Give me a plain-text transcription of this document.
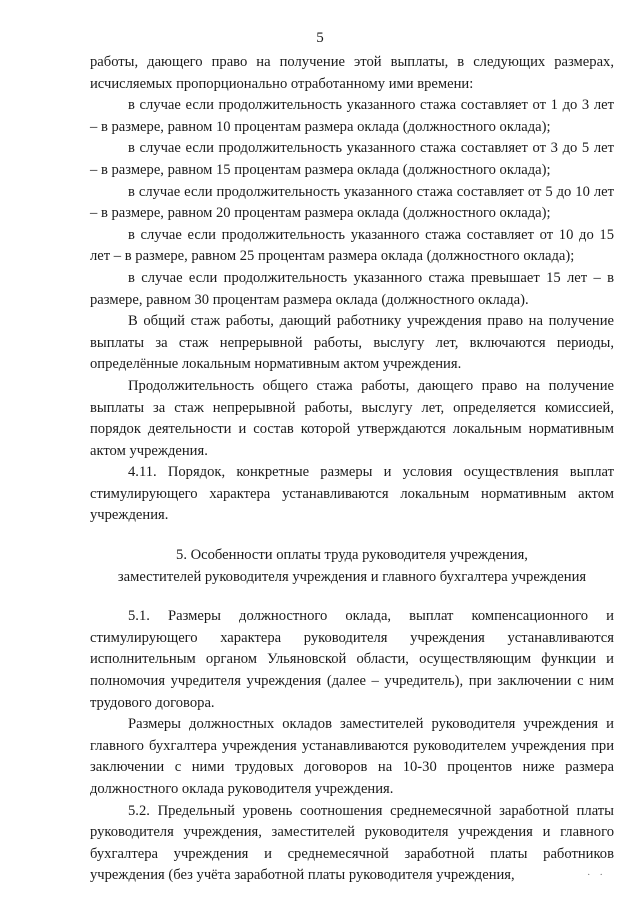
5

работы, дающего право на получение этой выплаты, в следующих размерах, исчисляемых пропорционально отработанному ими времени:

в случае если продолжительность указанного стажа составляет от 1 до 3 лет – в размере, равном 10 процентам размера оклада (должностного оклада);

в случае если продолжительность указанного стажа составляет от 3 до 5 лет – в размере, равном 15 процентам размера оклада (должностного оклада);

в случае если продолжительность указанного стажа составляет от 5 до 10 лет – в размере, равном 20 процентам размера оклада (должностного оклада);

в случае если продолжительность указанного стажа составляет от 10 до 15 лет – в размере, равном 25 процентам размера оклада (должностного оклада);

в случае если продолжительность указанного стажа превышает 15 лет – в размере, равном 30 процентам размера оклада (должностного оклада).

В общий стаж работы, дающий работнику учреждения право на получение выплаты за стаж непрерывной работы, выслугу лет, включаются периоды, определённые локальным нормативным актом учреждения.

Продолжительность общего стажа работы, дающего право на получение выплаты за стаж непрерывной работы, выслугу лет, определяется комиссией, порядок деятельности и состав которой утверждаются локальным нормативным актом учреждения.

4.11. Порядок, конкретные размеры и условия осуществления выплат стимулирующего характера устанавливаются локальным нормативным актом учреждения.

5. Особенности оплаты труда руководителя учреждения,
заместителей руководителя учреждения и главного бухгалтера учреждения

5.1. Размеры должностного оклада, выплат компенсационного и стимулирующего характера руководителя учреждения устанавливаются исполнительным органом Ульяновской области, осуществляющим функции и полномочия учредителя учреждения (далее – учредитель), при заключении с ним трудового договора.

Размеры должностных окладов заместителей руководителя учреждения и главного бухгалтера учреждения устанавливаются руководителем учреждения при заключении с ними трудовых договоров на 10-30 процентов ниже размера должностного оклада руководителя учреждения.

5.2. Предельный уровень соотношения среднемесячной заработной платы руководителя учреждения, заместителей руководителя учреждения и главного бухгалтера учреждения и среднемесячной заработной платы работников учреждения (без учёта заработной платы руководителя учреждения,	· ·
